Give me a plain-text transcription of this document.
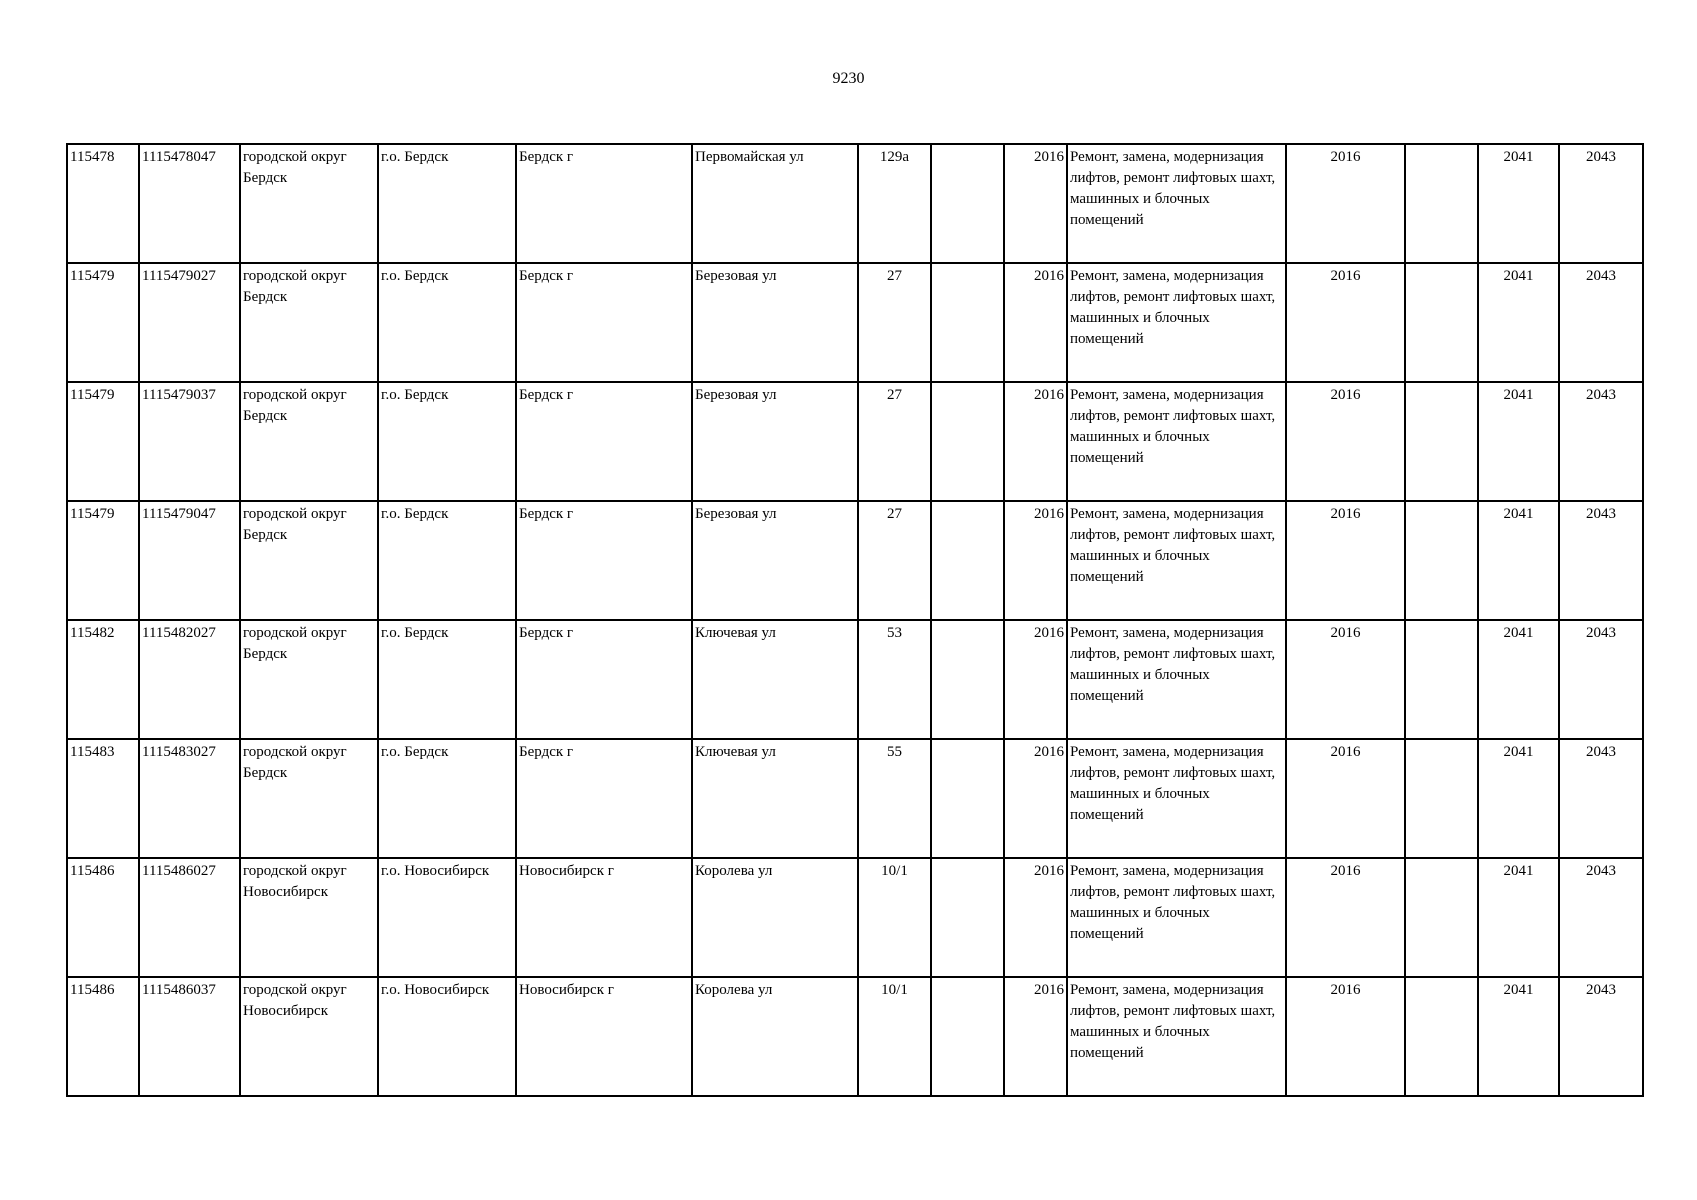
9230
115478	1115478047	городской округ Бердск	г.о. Бердск	Бердск г	Первомайская ул	129а		2016	Ремонт, замена, модернизация лифтов, ремонт лифтовых шахт, машинных и блочных помещений	2016		2041	2043
115479	1115479027	городской округ Бердск	г.о. Бердск	Бердск г	Березовая ул	27		2016	Ремонт, замена, модернизация лифтов, ремонт лифтовых шахт, машинных и блочных помещений	2016		2041	2043
115479	1115479037	городской округ Бердск	г.о. Бердск	Бердск г	Березовая ул	27		2016	Ремонт, замена, модернизация лифтов, ремонт лифтовых шахт, машинных и блочных помещений	2016		2041	2043
115479	1115479047	городской округ Бердск	г.о. Бердск	Бердск г	Березовая ул	27		2016	Ремонт, замена, модернизация лифтов, ремонт лифтовых шахт, машинных и блочных помещений	2016		2041	2043
115482	1115482027	городской округ Бердск	г.о. Бердск	Бердск г	Ключевая ул	53		2016	Ремонт, замена, модернизация лифтов, ремонт лифтовых шахт, машинных и блочных помещений	2016		2041	2043
115483	1115483027	городской округ Бердск	г.о. Бердск	Бердск г	Ключевая ул	55		2016	Ремонт, замена, модернизация лифтов, ремонт лифтовых шахт, машинных и блочных помещений	2016		2041	2043
115486	1115486027	городской округ Новосибирск	г.о. Новосибирск	Новосибирск г	Королева ул	10/1		2016	Ремонт, замена, модернизация лифтов, ремонт лифтовых шахт, машинных и блочных помещений	2016		2041	2043
115486	1115486037	городской округ Новосибирск	г.о. Новосибирск	Новосибирск г	Королева ул	10/1		2016	Ремонт, замена, модернизация лифтов, ремонт лифтовых шахт, машинных и блочных помещений	2016		2041	2043
